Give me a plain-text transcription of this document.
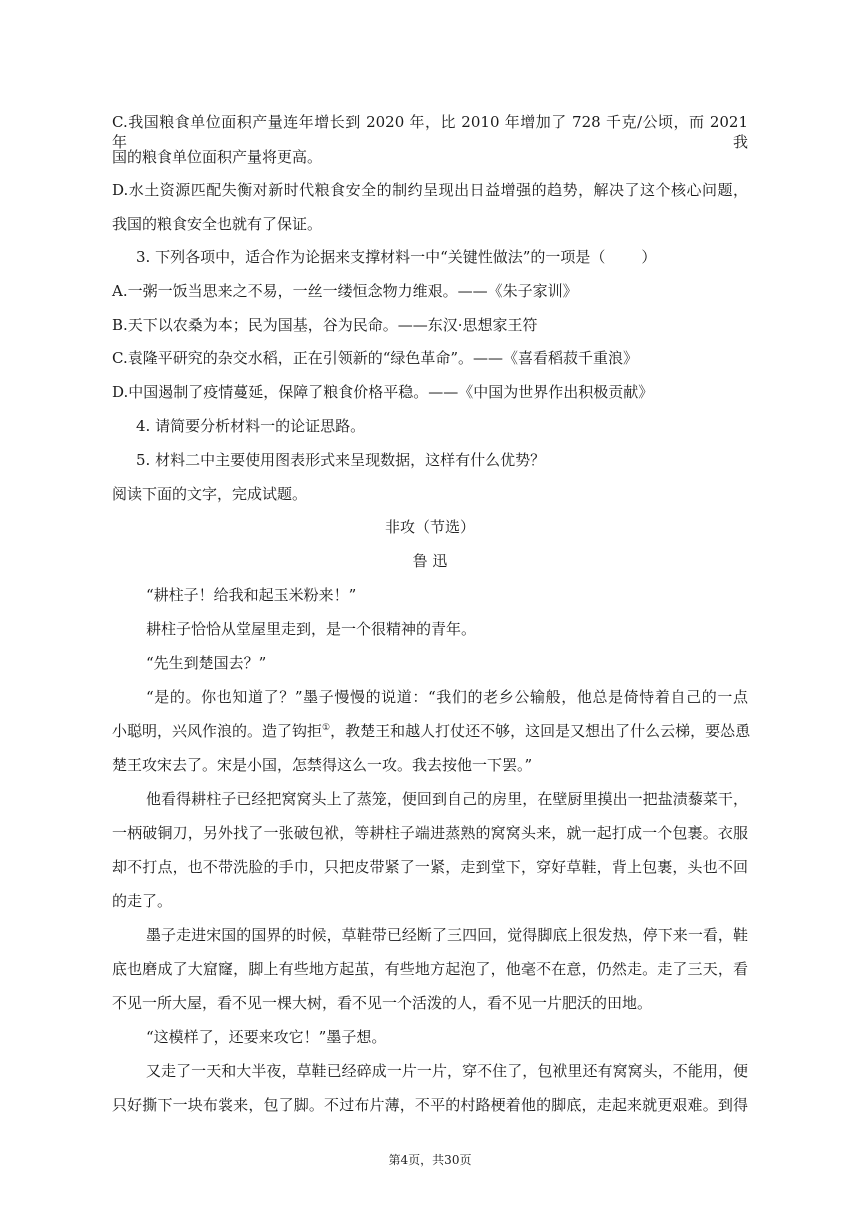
C.我国粮食单位面积产量连年增长到 2020 年，比 2010 年增加了 728 千克/公顷，而 2021 年我
国的粮食单位面积产量将更高。
D.水土资源匹配失衡对新时代粮食安全的制约呈现出日益增强的趋势，解决了这个核心问题，
我国的粮食安全也就有了保证。
3. 下列各项中，适合作为论据来支撑材料一中“关键性做法”的一项是（ ）
A.一粥一饭当思来之不易，一丝一缕恒念物力维艰。——《朱子家训》
B.天下以农桑为本；民为国基，谷为民命。——东汉·思想家王符
C.袁隆平研究的杂交水稻，正在引领新的“绿色革命”。——《喜看稻菽千重浪》
D.中国遏制了疫情蔓延，保障了粮食价格平稳。——《中国为世界作出积极贡献》
4. 请简要分析材料一的论证思路。
5. 材料二中主要使用图表形式来呈现数据，这样有什么优势？
阅读下面的文字，完成试题。
非攻（节选）
鲁 迅
“耕柱子！给我和起玉米粉来！”
耕柱子恰恰从堂屋里走到，是一个很精神的青年。
“先生到楚国去？”
“是的。你也知道了？”墨子慢慢的说道：“我们的老乡公输般，他总是倚恃着自己的一点
小聪明，兴风作浪的。造了钩拒①，教楚王和越人打仗还不够，这回是又想出了什么云梯，要怂恿
楚王攻宋去了。宋是小国，怎禁得这么一攻。我去按他一下罢。”
他看得耕柱子已经把窝窝头上了蒸笼，便回到自己的房里，在壁厨里摸出一把盐渍藜菜干，
一柄破铜刀，另外找了一张破包袱，等耕柱子端进蒸熟的窝窝头来，就一起打成一个包裹。衣服
却不打点，也不带洗脸的手巾，只把皮带紧了一紧，走到堂下，穿好草鞋，背上包裹，头也不回
的走了。
墨子走进宋国的国界的时候，草鞋带已经断了三四回，觉得脚底上很发热，停下来一看，鞋
底也磨成了大窟窿，脚上有些地方起茧，有些地方起泡了，他毫不在意，仍然走。走了三天，看
不见一所大屋，看不见一棵大树，看不见一个活泼的人，看不见一片肥沃的田地。
“这模样了，还要来攻它！”墨子想。
又走了一天和大半夜，草鞋已经碎成一片一片，穿不住了，包袱里还有窝窝头，不能用，便
只好撕下一块布裳来，包了脚。不过布片薄，不平的村路梗着他的脚底，走起来就更艰难。到得
第4页，共30页
